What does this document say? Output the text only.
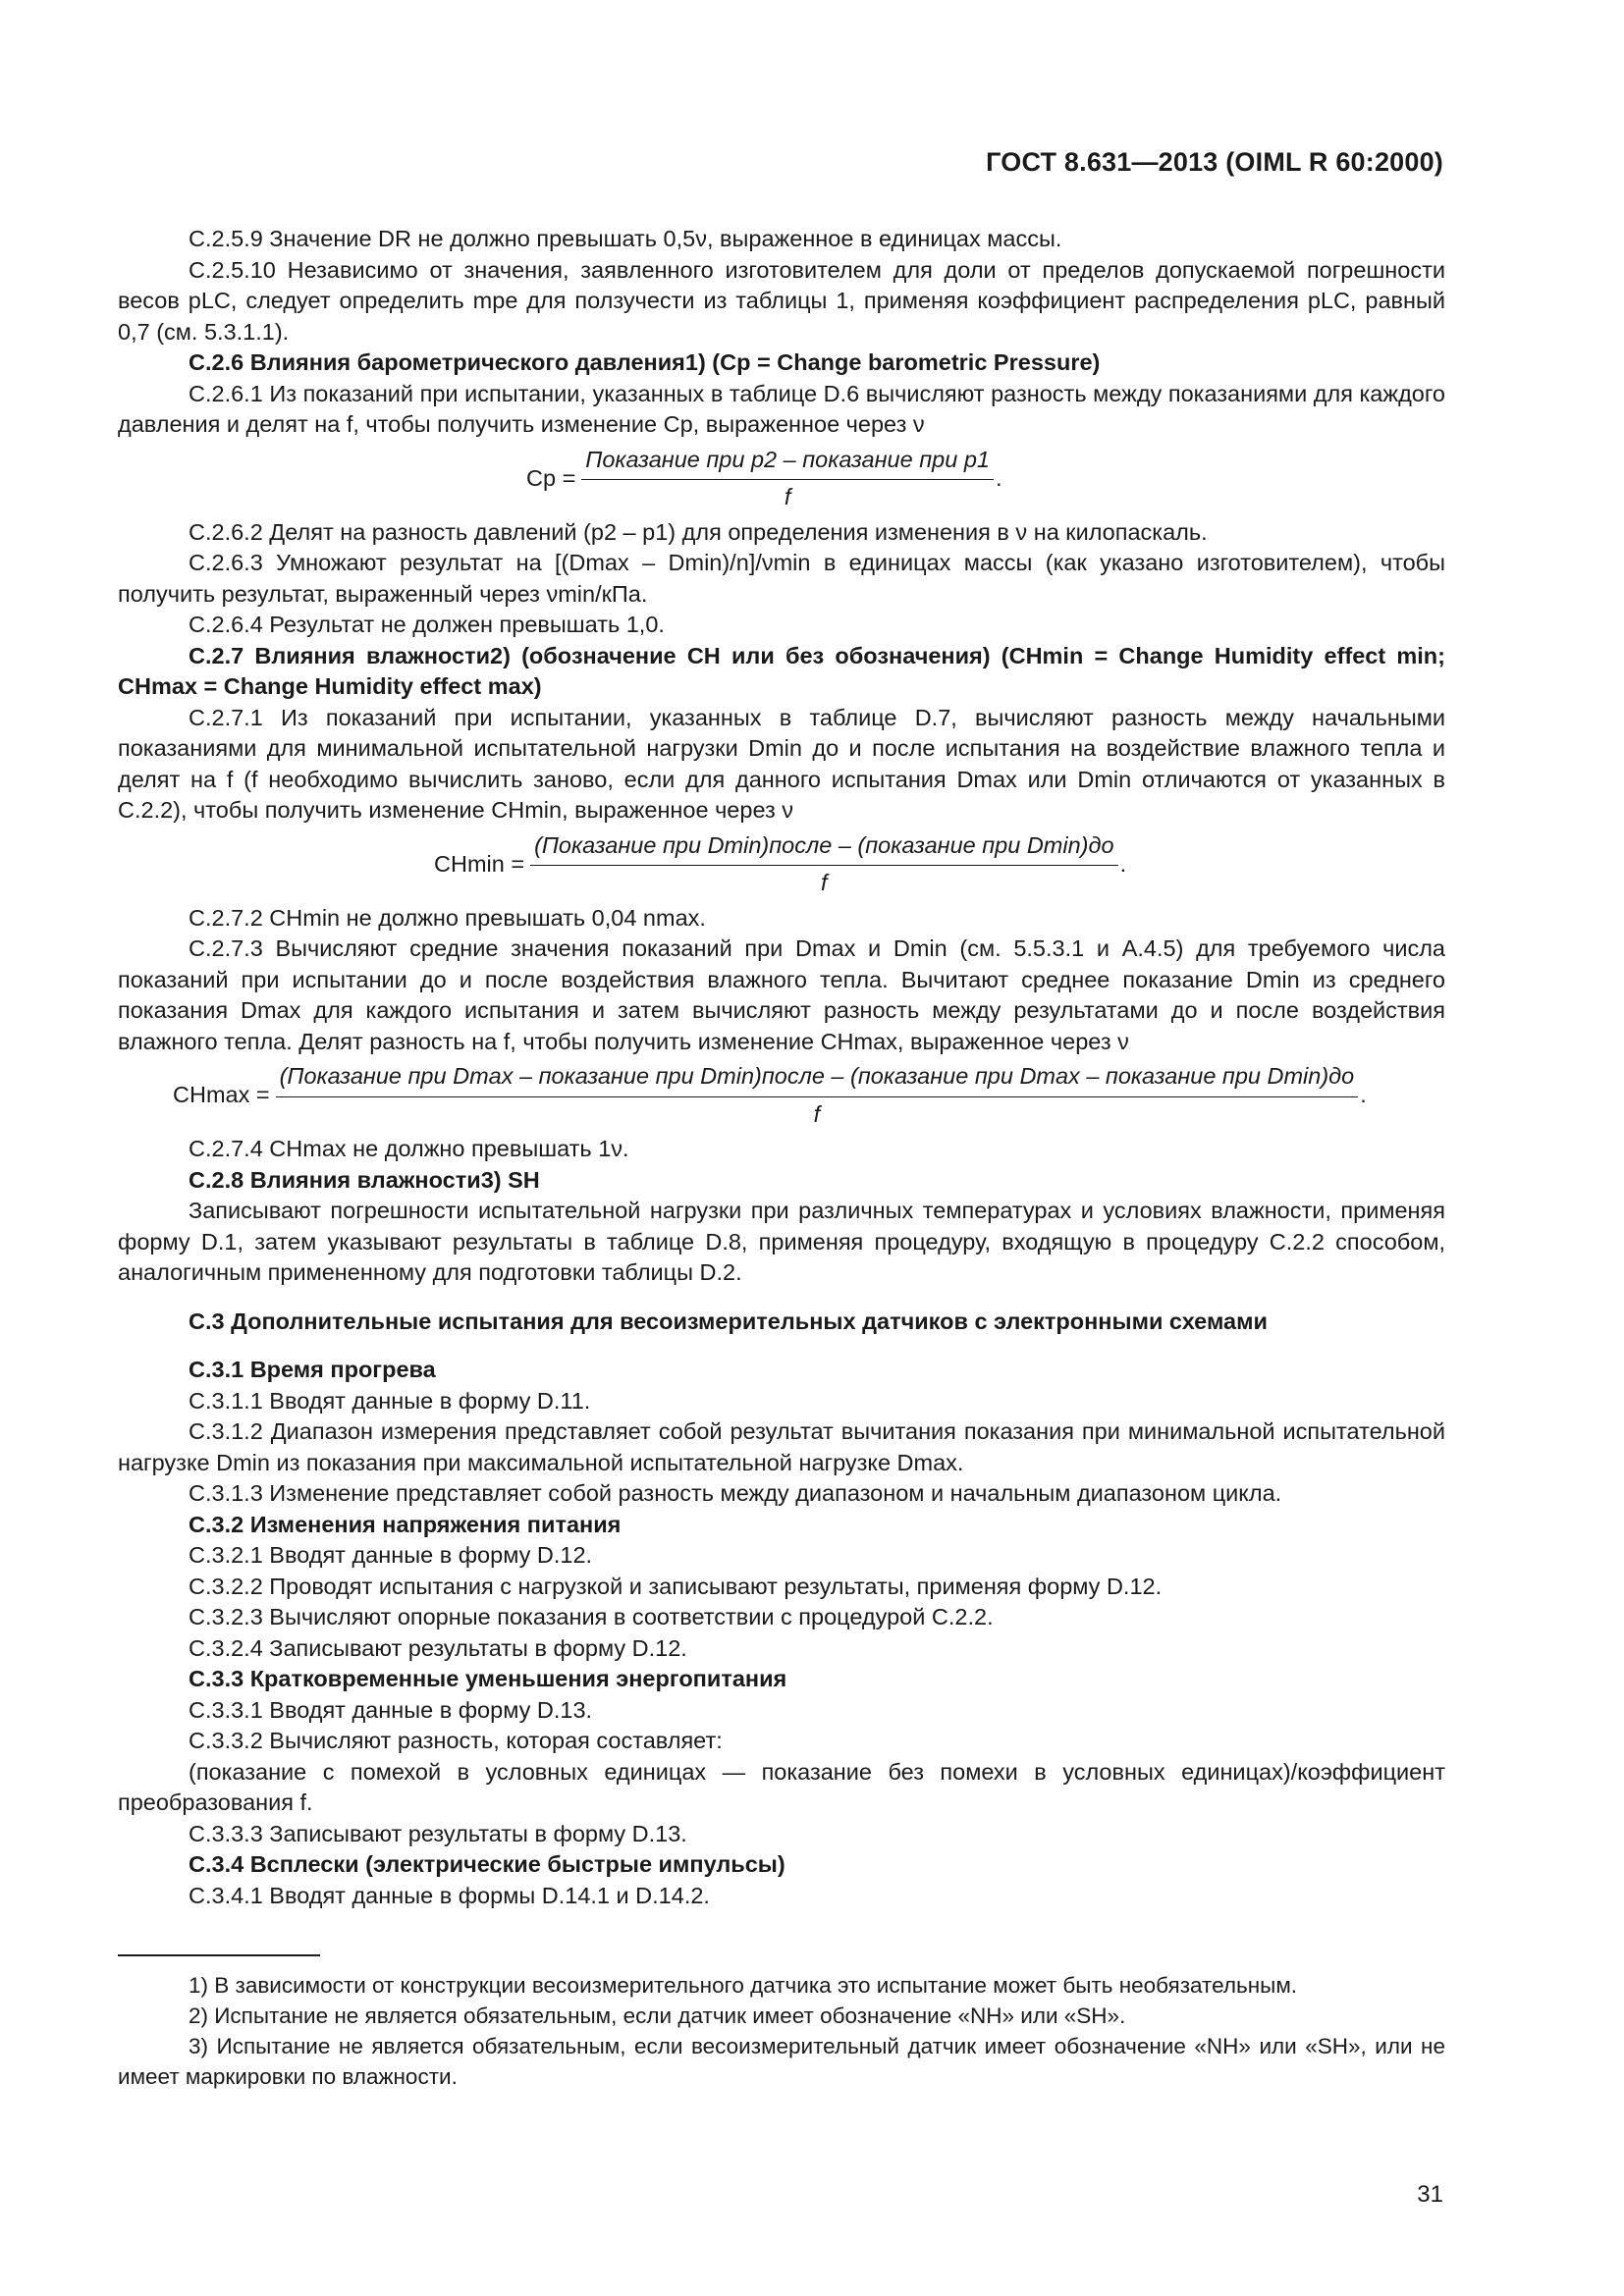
ГОСТ 8.631—2013 (OIML R 60:2000)

C.2.5.9 Значение DR не должно превышать 0,5ν, выраженное в единицах массы.

C.2.5.10 Независимо от значения, заявленного изготовителем для доли от пределов допускаемой погрешности весов pLC, следует определить mpe для ползучести из таблицы 1, применяя коэффициент распределения pLC, равный 0,7 (см. 5.3.1.1).

C.2.6 Влияния барометрического давления1) (Cp = Change barometric Pressure)

C.2.6.1 Из показаний при испытании, указанных в таблице D.6 вычисляют разность между показаниями для каждого давления и делят на f, чтобы получить изменение Cp, выраженное через ν

$Cp = \frac{\text{Показание при p2 – показание при p1}}{f}$ .

C.2.6.2 Делят на разность давлений (p2 – p1) для определения изменения в ν на килопаскаль.

C.2.6.3 Умножают результат на [(Dmax – Dmin)/n]/νmin в единицах массы (как указано изготовителем), чтобы получить результат, выраженный через νmin/кПа.

C.2.6.4 Результат не должен превышать 1,0.

C.2.7 Влияния влажности2) (обозначение CH или без обозначения) (CHmin = Change Humidity effect min; CHmax = Change Humidity effect max)

C.2.7.1 Из показаний при испытании, указанных в таблице D.7, вычисляют разность между начальными показаниями для минимальной испытательной нагрузки Dmin до и после испытания на воздействие влажного тепла и делят на f (f необходимо вычислить заново, если для данного испытания Dmax или Dmin отличаются от указанных в C.2.2), чтобы получить изменение CHmin, выраженное через ν

$CHmin = \frac{\text{(Показание при Dmin)после – (показание при Dmin)до}}{f}$ .

C.2.7.2 CHmin не должно превышать 0,04 nmax.

C.2.7.3 Вычисляют средние значения показаний при Dmax и Dmin (см. 5.5.3.1 и A.4.5) для требуемого числа показаний при испытании до и после воздействия влажного тепла. Вычитают среднее показание Dmin из среднего показания Dmax для каждого испытания и затем вычисляют разность между результатами до и после воздействия влажного тепла. Делят разность на f, чтобы получить изменение CHmax, выраженное через ν

CHmax =
(Показание при Dmax – показание при Dmin)после – (показание при Dmax – показание при Dmin)до
f
.

C.2.7.4 CHmax не должно превышать 1ν.

C.2.8 Влияния влажности3) SH

Записывают погрешности испытательной нагрузки при различных температурах и условиях влажности, применяя форму D.1, затем указывают результаты в таблице D.8, применяя процедуру, входящую в процедуру C.2.2 способом, аналогичным примененному для подготовки таблицы D.2.

C.3 Дополнительные испытания для весоизмерительных датчиков с электронными схемами

C.3.1 Время прогрева

C.3.1.1 Вводят данные в форму D.11.

C.3.1.2 Диапазон измерения представляет собой результат вычитания показания при минимальной испытательной нагрузке Dmin из показания при максимальной испытательной нагрузке Dmax.

C.3.1.3 Изменение представляет собой разность между диапазоном и начальным диапазоном цикла.

C.3.2 Изменения напряжения питания

C.3.2.1 Вводят данные в форму D.12.

C.3.2.2 Проводят испытания с нагрузкой и записывают результаты, применяя форму D.12.

C.3.2.3 Вычисляют опорные показания в соответствии с процедурой C.2.2.

C.3.2.4 Записывают результаты в форму D.12.

C.3.3 Кратковременные уменьшения энергопитания

C.3.3.1 Вводят данные в форму D.13.

C.3.3.2 Вычисляют разность, которая составляет:

(показание с помехой в условных единицах — показание без помехи в условных единицах)/коэффициент преобразования f.

C.3.3.3 Записывают результаты в форму D.13.

C.3.4 Всплески (электрические быстрые импульсы)

C.3.4.1 Вводят данные в формы D.14.1 и D.14.2.

1) В зависимости от конструкции весоизмерительного датчика это испытание может быть необязательным.

2) Испытание не является обязательным, если датчик имеет обозначение «NH» или «SH».

3) Испытание не является обязательным, если весоизмерительный датчик имеет обозначение «NH» или «SH», или не имеет маркировки по влажности.

31
